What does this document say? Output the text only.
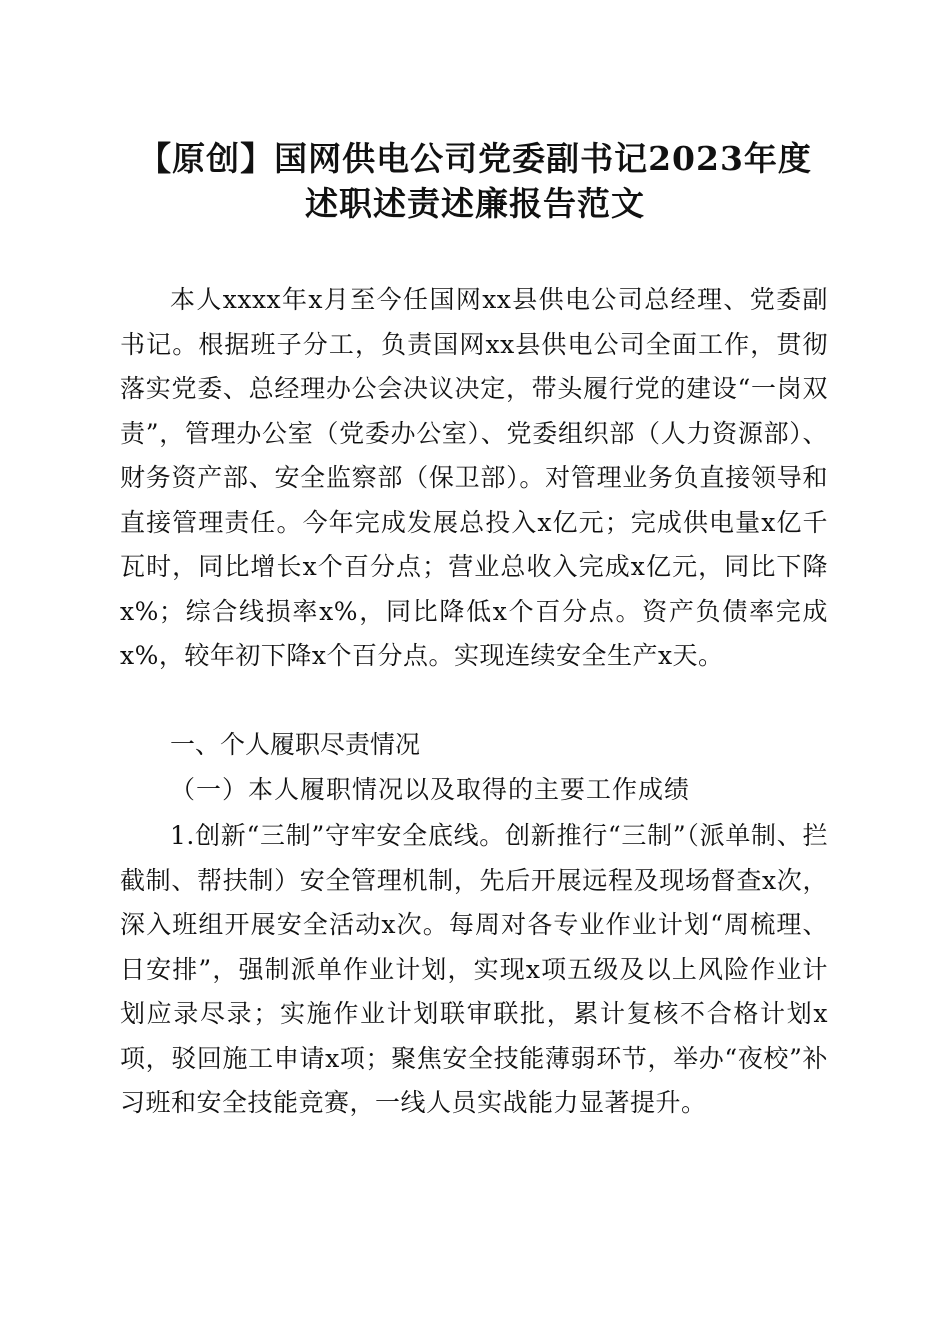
【原创】国网供电公司党委副书记2023年度
述职述责述廉报告范文

本人xxxx年x月至今任国网xx县供电公司总经理、党委副书记。根据班子分工，负责国网xx县供电公司全面工作，贯彻落实党委、总经理办公会决议决定，带头履行党的建设“一岗双责”，管理办公室（党委办公室）、党委组织部（人力资源部）、财务资产部、安全监察部（保卫部）。对管理业务负直接领导和直接管理责任。今年完成发展总投入x亿元；完成供电量x亿千瓦时，同比增长x个百分点；营业总收入完成x亿元，同比下降x%；综合线损率x%，同比降低x个百分点。资产负债率完成x%，较年初下降x个百分点。实现连续安全生产x天。

一、个人履职尽责情况
（一）本人履职情况以及取得的主要工作成绩

1.创新“三制”守牢安全底线。创新推行“三制”（派单制、拦截制、帮扶制）安全管理机制，先后开展远程及现场督查x次，深入班组开展安全活动x次。每周对各专业作业计划“周梳理、日安排”，强制派单作业计划，实现x项五级及以上风险作业计划应录尽录；实施作业计划联审联批，累计复核不合格计划x项，驳回施工申请x项；聚焦安全技能薄弱环节，举办“夜校”补习班和安全技能竞赛，一线人员实战能力显著提升。
